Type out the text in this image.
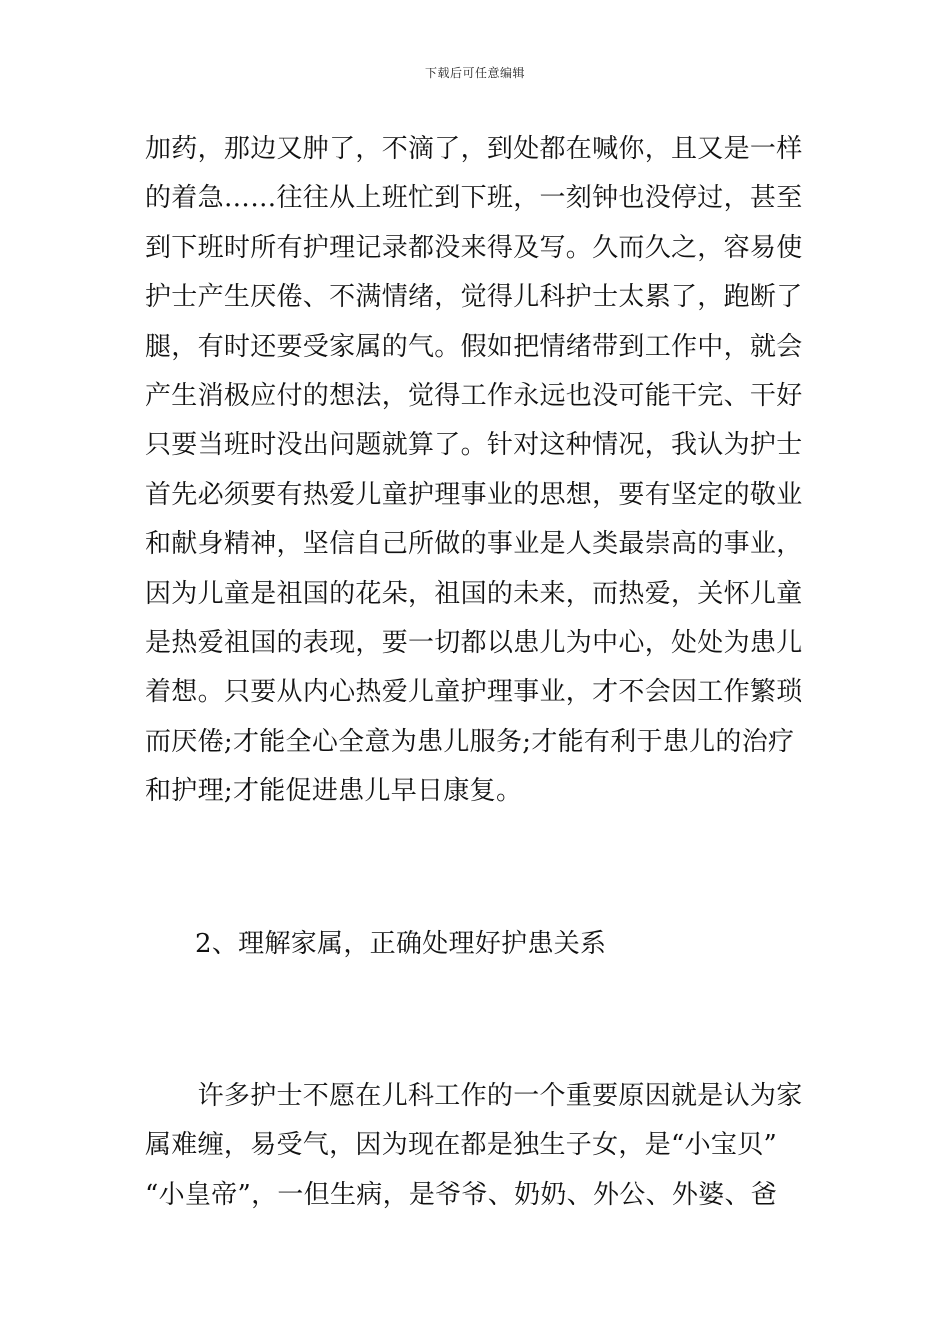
下载后可任意编辑
加药，那边又肿了，不滴了，到处都在喊你，且又是一样
的着急……往往从上班忙到下班，一刻钟也没停过，甚至
到下班时所有护理记录都没来得及写。久而久之，容易使
护士产生厌倦、不满情绪，觉得儿科护士太累了，跑断了
腿，有时还要受家属的气。假如把情绪带到工作中，就会
产生消极应付的想法，觉得工作永远也没可能干完、干好
只要当班时没出问题就算了。针对这种情况，我认为护士
首先必须要有热爱儿童护理事业的思想，要有坚定的敬业
和献身精神，坚信自己所做的事业是人类最崇高的事业，
因为儿童是祖国的花朵，祖国的未来，而热爱，关怀儿童
是热爱祖国的表现，要一切都以患儿为中心，处处为患儿
着想。只要从内心热爱儿童护理事业，才不会因工作繁琐
而厌倦;才能全心全意为患儿服务;才能有利于患儿的治疗
和护理;才能促进患儿早日康复。
2、理解家属，正确处理好护患关系
　　许多护士不愿在儿科工作的一个重要原因就是认为家
属难缠，易受气，因为现在都是独生子女，是“小宝贝”
“小皇帝”，一但生病，是爷爷、奶奶、外公、外婆、爸
